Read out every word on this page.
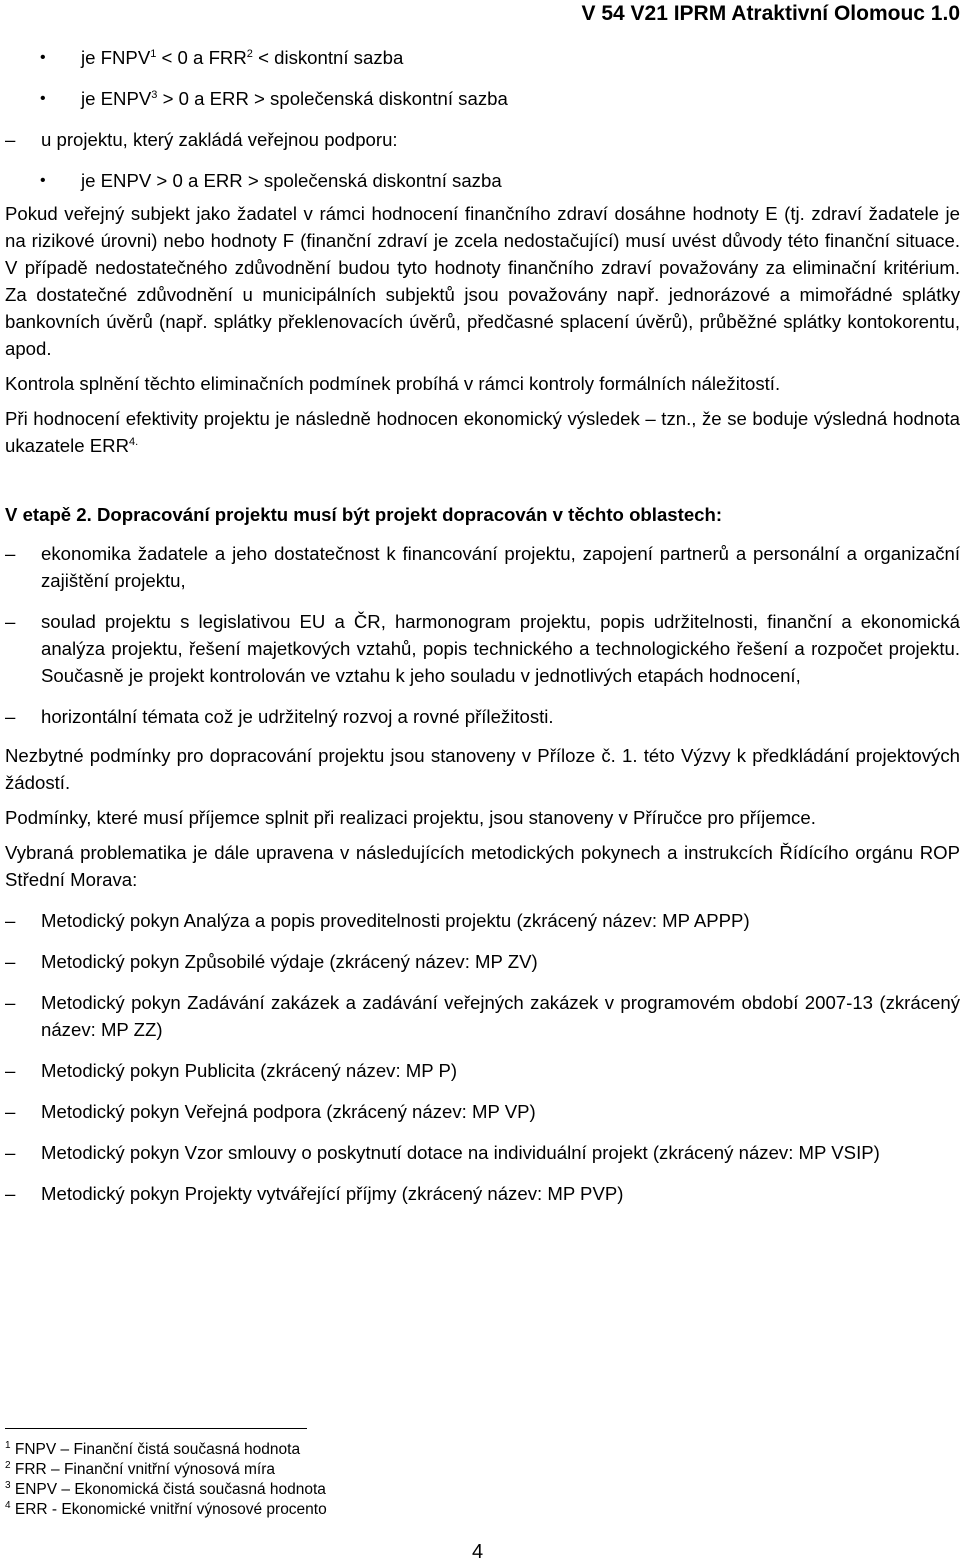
V 54 V21 IPRM Atraktivní Olomouc 1.0

• je $FNPV^1 < 0$ a $FRR^2$ < diskontní sazba

• je $ENPV^3 > 0$ a ERR > společenská diskontní sazba

– u projektu, který zakládá veřejnou podporu:

• je ENPV > 0 a ERR > společenská diskontní sazba

Pokud veřejný subjekt jako žadatel v rámci hodnocení finančního zdraví dosáhne hodnoty E (tj. zdraví žadatele je na rizikové úrovni) nebo hodnoty F (finanční zdraví je zcela nedostačující) musí uvést důvody této finanční situace. V případě nedostatečného zdůvodnění budou tyto hodnoty finančního zdraví považovány za eliminační kritérium. Za dostatečné zdůvodnění u municipálních subjektů jsou považovány např. jednorázové a mimořádné splátky bankovních úvěrů (např. splátky překlenovacích úvěrů, předčasné splacení úvěrů), průběžné splátky kontokorentu, apod.

Kontrola splnění těchto eliminačních podmínek probíhá v rámci kontroly formálních náležitostí.

Při hodnocení efektivity projektu je následně hodnocen ekonomický výsledek – tzn., že se boduje výsledná hodnota ukazatele $ERR^{4.}$

V etapě 2. Dopracování projektu musí být projekt dopracován v těchto oblastech:

– ekonomika žadatele a jeho dostatečnost k financování projektu, zapojení partnerů a personální a organizační zajištění projektu,

– soulad projektu s legislativou EU a ČR, harmonogram projektu, popis udržitelnosti, finanční a ekonomická analýza projektu, řešení majetkových vztahů, popis technického a technologického řešení a rozpočet projektu. Současně je projekt kontrolován ve vztahu k jeho souladu v jednotlivých etapách hodnocení,

– horizontální témata což je udržitelný rozvoj a rovné příležitosti.

Nezbytné podmínky pro dopracování projektu jsou stanoveny v Příloze č. 1. této Výzvy k předkládání projektových žádostí.

Podmínky, které musí příjemce splnit při realizaci projektu, jsou stanoveny v Příručce pro příjemce.

Vybraná problematika je dále upravena v následujících metodických pokynech a instrukcích Řídícího orgánu ROP Střední Morava:

– Metodický pokyn Analýza a popis proveditelnosti projektu (zkrácený název: MP APPP)

– Metodický pokyn Způsobilé výdaje (zkrácený název: MP ZV)

– Metodický pokyn Zadávání zakázek a zadávání veřejných zakázek v programovém období 2007-13 (zkrácený název: MP ZZ)

– Metodický pokyn Publicita (zkrácený název: MP P)

– Metodický pokyn Veřejná podpora (zkrácený název: MP VP)

– Metodický pokyn Vzor smlouvy o poskytnutí dotace na individuální projekt (zkrácený název: MP VSIP)

– Metodický pokyn Projekty vytvářející příjmy (zkrácený název: MP PVP)

$^1$ FNPV – Finanční čistá současná hodnota
$^2$ FRR – Finanční vnitřní výnosová míra
$^3$ ENPV – Ekonomická čistá současná hodnota
$^4$ ERR - Ekonomické vnitřní výnosové procento
4
